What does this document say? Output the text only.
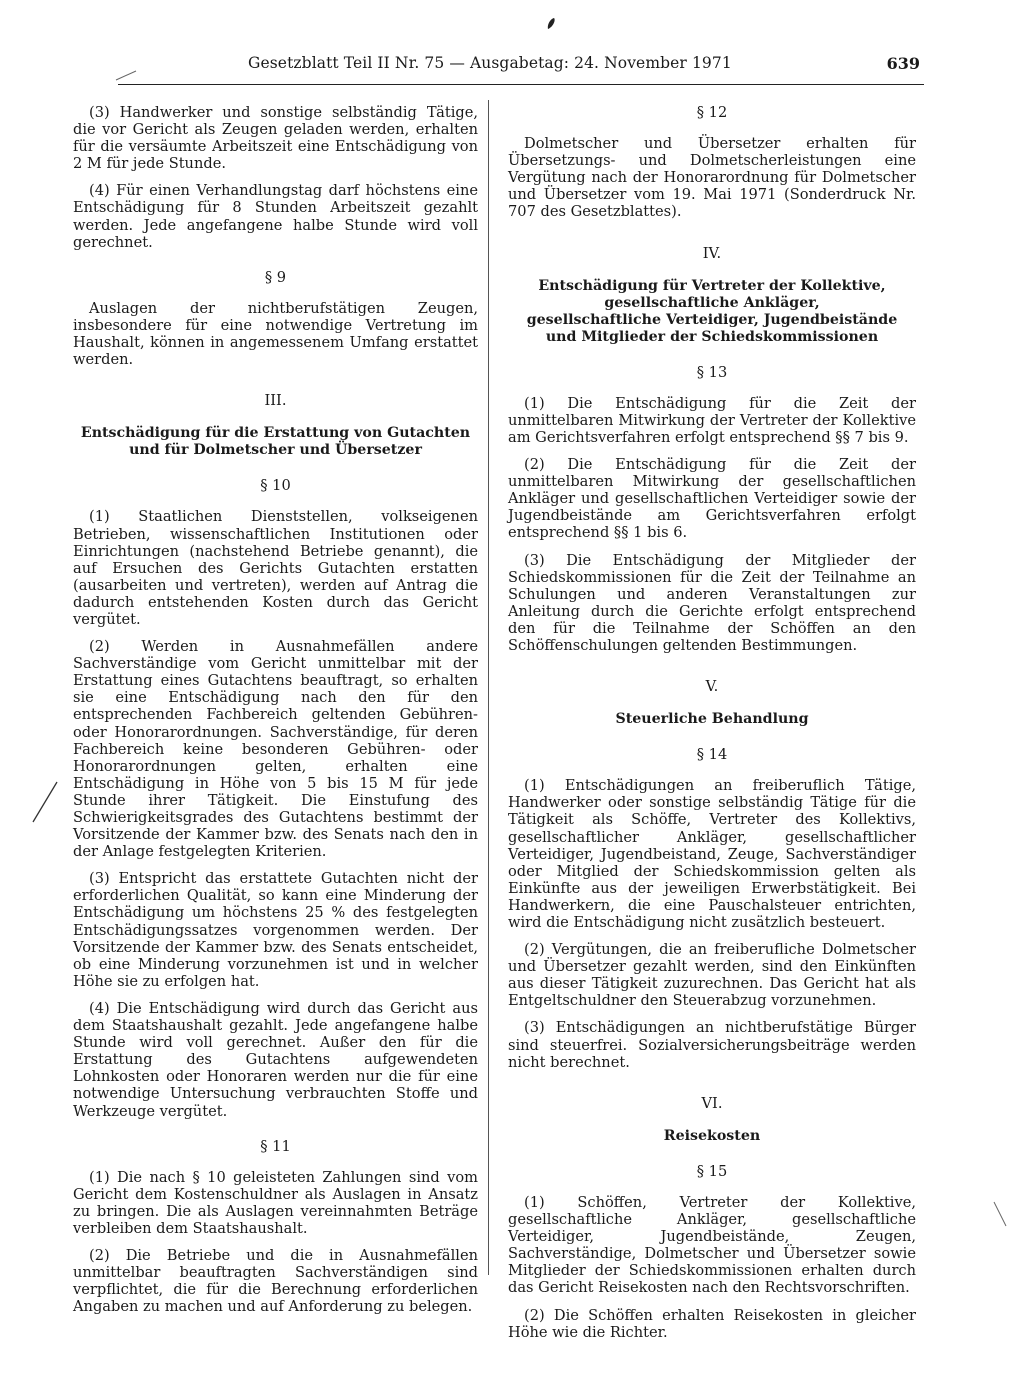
Gesetzblatt Teil II Nr. 75 — Ausgabetag: 24. November 1971	639

(3) Handwerker und sonstige selbständig Tätige, die vor Gericht als Zeugen geladen werden, erhalten für die versäumte Arbeitszeit eine Entschädigung von 2 M für jede Stunde.

(4) Für einen Verhandlungstag darf höchstens eine Entschädigung für 8 Stunden Arbeitszeit gezahlt werden. Jede angefangene halbe Stunde wird voll gerechnet.

§ 9

Auslagen der nichtberufstätigen Zeugen, insbesondere für eine notwendige Vertretung im Haushalt, können in angemessenem Umfang erstattet werden.

III.
Entschädigung für die Erstattung von Gutachten
und für Dolmetscher und Übersetzer
§ 10

(1) Staatlichen Dienststellen, volkseigenen Betrieben, wissenschaftlichen Institutionen oder Einrichtungen (nachstehend Betriebe genannt), die auf Ersuchen des Gerichts Gutachten erstatten (ausarbeiten und vertreten), werden auf Antrag die dadurch entstehenden Kosten durch das Gericht vergütet.

(2) Werden in Ausnahmefällen andere Sachverständige vom Gericht unmittelbar mit der Erstattung eines Gutachtens beauftragt, so erhalten sie eine Entschädigung nach den für den entsprechenden Fachbereich geltenden Gebühren- oder Honorarordnungen. Sachverständige, für deren Fachbereich keine besonderen Gebühren- oder Honorarordnungen gelten, erhalten eine Entschädigung in Höhe von 5 bis 15 M für jede Stunde ihrer Tätigkeit. Die Einstufung des Schwierigkeitsgrades des Gutachtens bestimmt der Vorsitzende der Kammer bzw. des Senats nach den in der Anlage festgelegten Kriterien.

(3) Entspricht das erstattete Gutachten nicht der erforderlichen Qualität, so kann eine Minderung der Entschädigung um höchstens 25 % des festgelegten Entschädigungssatzes vorgenommen werden. Der Vorsitzende der Kammer bzw. des Senats entscheidet, ob eine Minderung vorzunehmen ist und in welcher Höhe sie zu erfolgen hat.

(4) Die Entschädigung wird durch das Gericht aus dem Staatshaushalt gezahlt. Jede angefangene halbe Stunde wird voll gerechnet. Außer den für die Erstattung des Gutachtens aufgewendeten Lohnkosten oder Honoraren werden nur die für eine notwendige Untersuchung verbrauchten Stoffe und Werkzeuge vergütet.

§ 11

(1) Die nach § 10 geleisteten Zahlungen sind vom Gericht dem Kostenschuldner als Auslagen in Ansatz zu bringen. Die als Auslagen vereinnahmten Beträge verbleiben dem Staatshaushalt.

(2) Die Betriebe und die in Ausnahmefällen unmittelbar beauftragten Sachverständigen sind verpflichtet, die für die Berechnung erforderlichen Angaben zu machen und auf Anforderung zu belegen.

§ 12

Dolmetscher und Übersetzer erhalten für Übersetzungs- und Dolmetscherleistungen eine Vergütung nach der Honorarordnung für Dolmetscher und Übersetzer vom 19. Mai 1971 (Sonderdruck Nr. 707 des Gesetzblattes).

IV.
Entschädigung für Vertreter der Kollektive,
gesellschaftliche Ankläger,
gesellschaftliche Verteidiger, Jugendbeistände
und Mitglieder der Schiedskommissionen
§ 13

(1) Die Entschädigung für die Zeit der unmittelbaren Mitwirkung der Vertreter der Kollektive am Gerichtsverfahren erfolgt entsprechend §§ 7 bis 9.

(2) Die Entschädigung für die Zeit der unmittelbaren Mitwirkung der gesellschaftlichen Ankläger und gesellschaftlichen Verteidiger sowie der Jugendbeistände am Gerichtsverfahren erfolgt entsprechend §§ 1 bis 6.

(3) Die Entschädigung der Mitglieder der Schiedskommissionen für die Zeit der Teilnahme an Schulungen und anderen Veranstaltungen zur Anleitung durch die Gerichte erfolgt entsprechend den für die Teilnahme der Schöffen an den Schöffenschulungen geltenden Bestimmungen.

V.
Steuerliche Behandlung
§ 14

(1) Entschädigungen an freiberuflich Tätige, Handwerker oder sonstige selbständig Tätige für die Tätigkeit als Schöffe, Vertreter des Kollektivs, gesellschaftlicher Ankläger, gesellschaftlicher Verteidiger, Jugendbeistand, Zeuge, Sachverständiger oder Mitglied der Schiedskommission gelten als Einkünfte aus der jeweiligen Erwerbstätigkeit. Bei Handwerkern, die eine Pauschalsteuer entrichten, wird die Entschädigung nicht zusätzlich besteuert.

(2) Vergütungen, die an freiberufliche Dolmetscher und Übersetzer gezahlt werden, sind den Einkünften aus dieser Tätigkeit zuzurechnen. Das Gericht hat als Entgeltschuldner den Steuerabzug vorzunehmen.

(3) Entschädigungen an nichtberufstätige Bürger sind steuerfrei. Sozialversicherungsbeiträge werden nicht berechnet.

VI.
Reisekosten
§ 15

(1) Schöffen, Vertreter der Kollektive, gesellschaftliche Ankläger, gesellschaftliche Verteidiger, Jugendbeistände, Zeugen, Sachverständige, Dolmetscher und Übersetzer sowie Mitglieder der Schiedskommissionen erhalten durch das Gericht Reisekosten nach den Rechtsvorschriften.

(2) Die Schöffen erhalten Reisekosten in gleicher Höhe wie die Richter.
